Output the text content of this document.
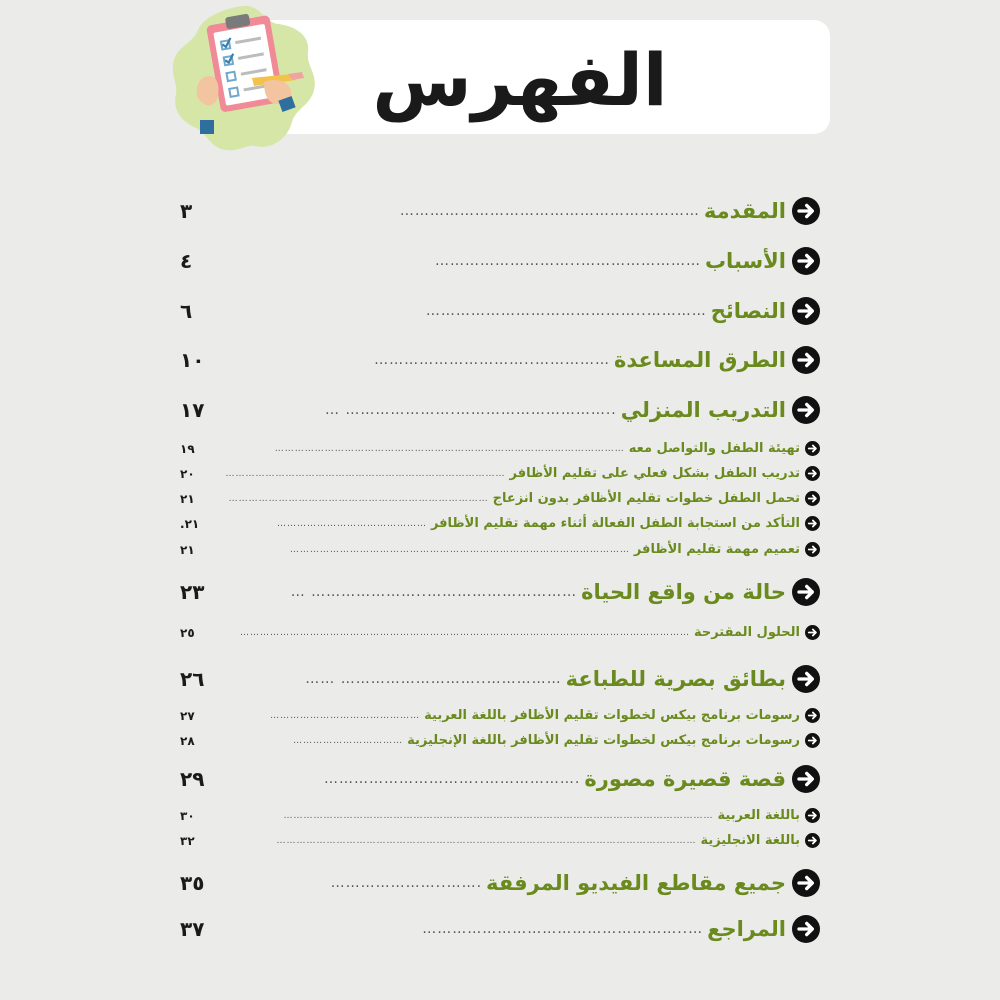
الفهرس
المقدمة
……………………………………………………
٣
الأسباب
………………………..……………………
٤
النصائح
……………………………………..…………
٦
الطرق المساعدة
…………………………..……………
١٠
التدريب المنزلي
… ………………….…………………………..
١٧
تهيئة الطفل والتواصل معه
……………………………………………………………………………………………
١٩
تدريب الطفل بشكل فعلي على تقليم الأظافر
…………………………………………………………………………
٢٠
تحمل الطفل خطوات تقليم الأظافر بدون انزعاج
……………………………………………………………………
٢١
التأكد من استجابة الطفل الفعالة أثناء مهمة تقليم الأظافر
………………………………………
٢١.
تعميم مهمة تقليم الأظافر
…………………………………………………………………………………………
٢١
حالة من واقع الحياة
… …………………..…………………………
٢٣
الحلول المقترحة
………………………………………………………………………………………………………………………
٢٥
بطائق بصرية للطباعة
…… ………………………..……………
٢٦
رسومات برنامج بيكس لخطوات تقليم الأظافر باللغة العربية
………………………………………
٢٧
رسومات برنامج بيكس لخطوات تقليم الأظافر باللغة الإنجليزية
……………………………
٢٨
قصة قصيرة مصورة
…………………………..……………….
٢٩
باللغة العربية
…………………………………………………………………………………………………………………
٣٠
باللغة الانجليزية
………………………………………………………………………………………………………………
٣٢
جميع مقاطع الفيديو المرفقة
…………………..…….
٣٥
المراجع
……………………………………………..…
٣٧
